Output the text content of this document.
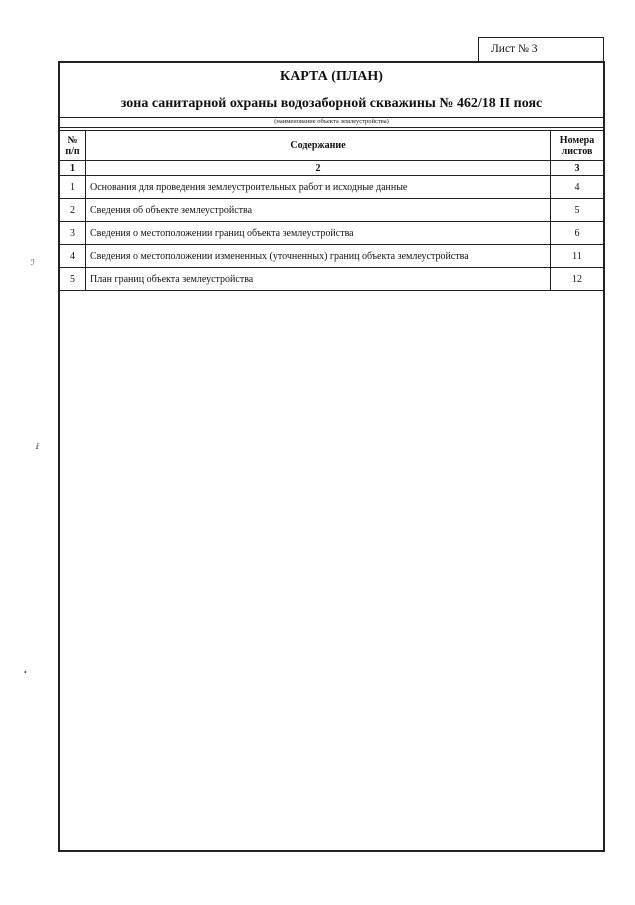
Лист № 3
КАРТА (ПЛАН)
зона санитарной охраны водозаборной скважины № 462/18 II пояс
(наименование объекта землеустройства)
№ п/п	Содержание	Номера листов
1	2	3
1	Основания для проведения землеустроительных работ и исходные данные	4
2	Сведения об объекте землеустройства	5
3	Сведения о местоположении границ объекта землеустройства	6
4	Сведения о местоположении измененных (уточненных) границ объекта землеустройства	11
5	План границ объекта землеустройства	12
ℐ
ⅈ
•
